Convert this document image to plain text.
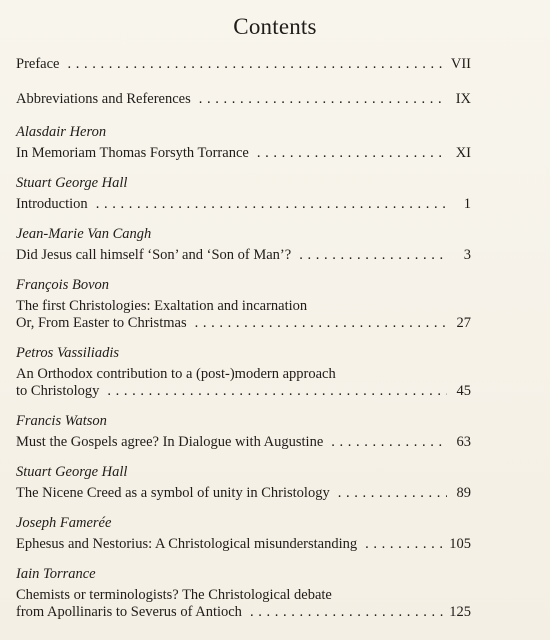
Contents
Preface . . .	VII
Abbreviations and References . . .	IX
Alasdair Heron
In Memoriam Thomas Forsyth Torrance . . .	XI
Stuart George Hall
Introduction . . .	1
Jean-Marie Van Cangh
Did Jesus call himself ‘Son’ and ‘Son of Man’? . . .	3
François Bovon
The first Christologies: Exaltation and incarnation
Or, From Easter to Christmas . . .	27
Petros Vassiliadis
An Orthodox contribution to a (post-)modern approach
to Christology . . .	45
Francis Watson
Must the Gospels agree? In Dialogue with Augustine . . .	63
Stuart George Hall
The Nicene Creed as a symbol of unity in Christology . . .	89
Joseph Famerée
Ephesus and Nestorius: A Christological misunderstanding . . .	105
Iain Torrance
Chemists or terminologists? The Christological debate
from Apollinaris to Severus of Antioch . . .	125
